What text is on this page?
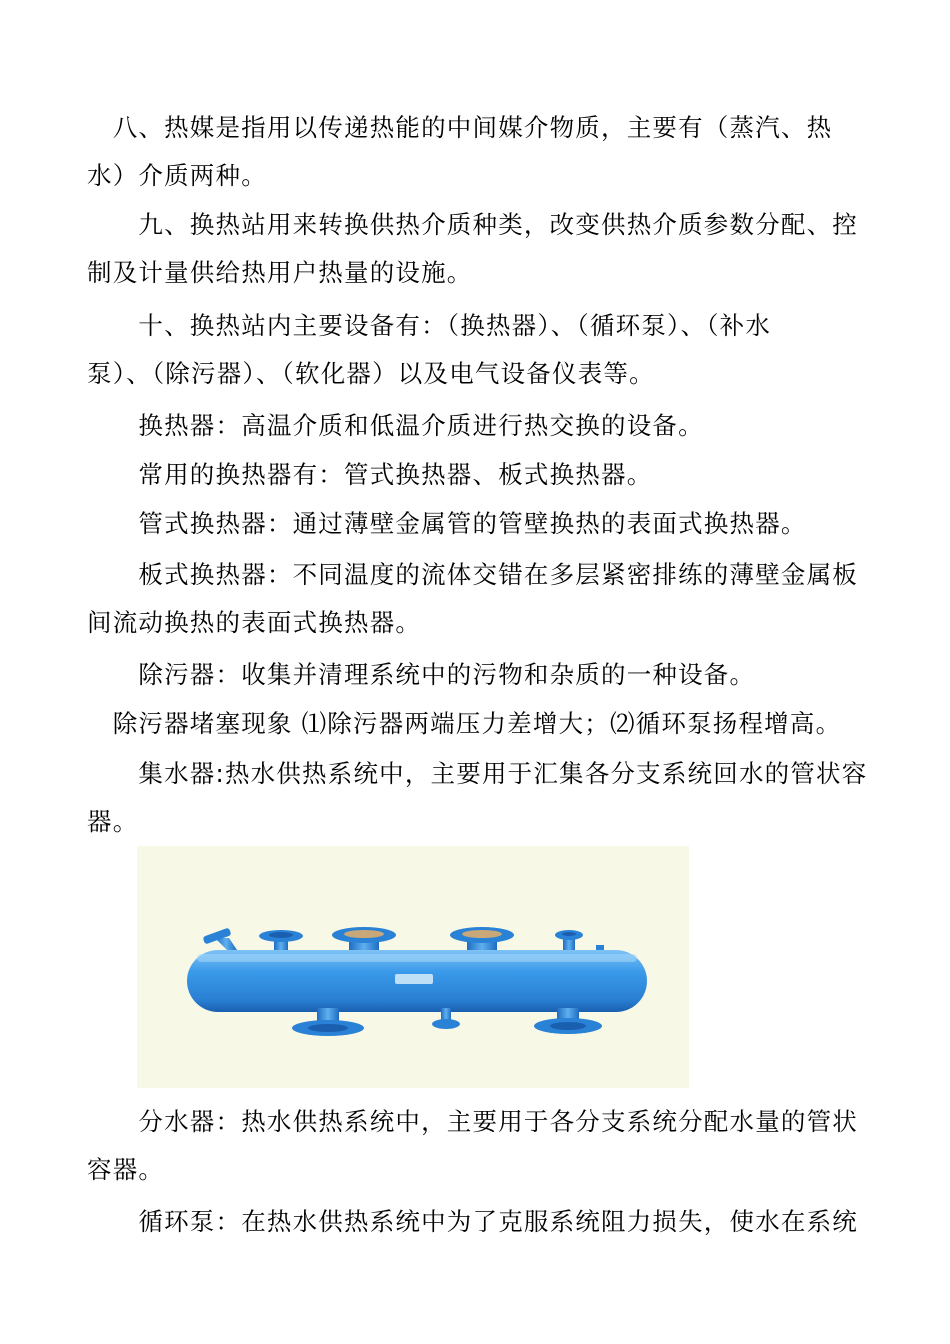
　八、热媒是指用以传递热能的中间媒介物质，主要有（蒸汽、热
水）介质两种。

　　九、换热站用来转换供热介质种类，改变供热介质参数分配、控
制及计量供给热用户热量的设施。

　　十、换热站内主要设备有：（换热器）、（循环泵）、（补水
泵）、（除污器）、（软化器）以及电气设备仪表等。

　　换热器：高温介质和低温介质进行热交换的设备。

　　常用的换热器有：管式换热器、板式换热器。

　　管式换热器：通过薄壁金属管的管壁换热的表面式换热器。

　　板式换热器：不同温度的流体交错在多层紧密排练的薄壁金属板
间流动换热的表面式换热器。

　　除污器：收集并清理系统中的污物和杂质的一种设备。

　除污器堵塞现象 ⑴除污器两端压力差增大；⑵循环泵扬程增高。

　　集水器:热水供热系统中，主要用于汇集各分支系统回水的管状容
器。

　　分水器：热水供热系统中，主要用于各分支系统分配水量的管状
容器。

　　循环泵：在热水供热系统中为了克服系统阻力损失，使水在系统
